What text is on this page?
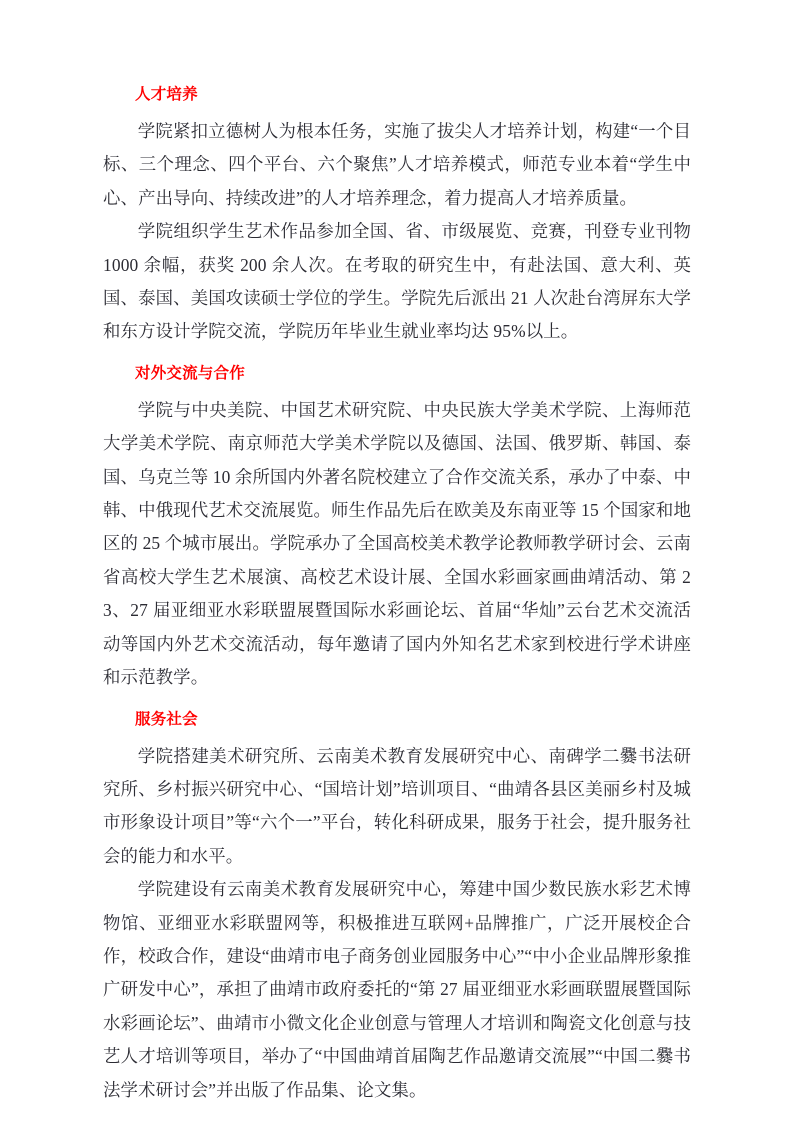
人才培养

学院紧扣立德树人为根本任务，实施了拔尖人才培养计划，构建“一个目标、三个理念、四个平台、六个聚焦”人才培养模式，师范专业本着“学生中心、产出导向、持续改进”的人才培养理念，着力提高人才培养质量。

学院组织学生艺术作品参加全国、省、市级展览、竞赛，刊登专业刊物 1000 余幅，获奖 200 余人次。在考取的研究生中，有赴法国、意大利、英国、泰国、美国攻读硕士学位的学生。学院先后派出 21 人次赴台湾屏东大学和东方设计学院交流，学院历年毕业生就业率均达 95%以上。

对外交流与合作

学院与中央美院、中国艺术研究院、中央民族大学美术学院、上海师范大学美术学院、南京师范大学美术学院以及德国、法国、俄罗斯、韩国、泰国、乌克兰等 10 余所国内外著名院校建立了合作交流关系，承办了中泰、中韩、中俄现代艺术交流展览。师生作品先后在欧美及东南亚等 15 个国家和地区的 25 个城市展出。学院承办了全国高校美术教学论教师教学研讨会、云南省高校大学生艺术展演、高校艺术设计展、全国水彩画家画曲靖活动、第 23、27 届亚细亚水彩联盟展暨国际水彩画论坛、首届“华灿”云台艺术交流活动等国内外艺术交流活动，每年邀请了国内外知名艺术家到校进行学术讲座和示范教学。

服务社会

学院搭建美术研究所、云南美术教育发展研究中心、南碑学二爨书法研究所、乡村振兴研究中心、“国培计划”培训项目、“曲靖各县区美丽乡村及城市形象设计项目”等“六个一”平台，转化科研成果，服务于社会，提升服务社会的能力和水平。

学院建设有云南美术教育发展研究中心，筹建中国少数民族水彩艺术博物馆、亚细亚水彩联盟网等，积极推进互联网+品牌推广，广泛开展校企合作，校政合作，建设“曲靖市电子商务创业园服务中心”“中小企业品牌形象推广研发中心”，承担了曲靖市政府委托的“第 27 届亚细亚水彩画联盟展暨国际水彩画论坛”、曲靖市小微文化企业创意与管理人才培训和陶瓷文化创意与技艺人才培训等项目，举办了“中国曲靖首届陶艺作品邀请交流展”“中国二爨书法学术研讨会”并出版了作品集、论文集。
